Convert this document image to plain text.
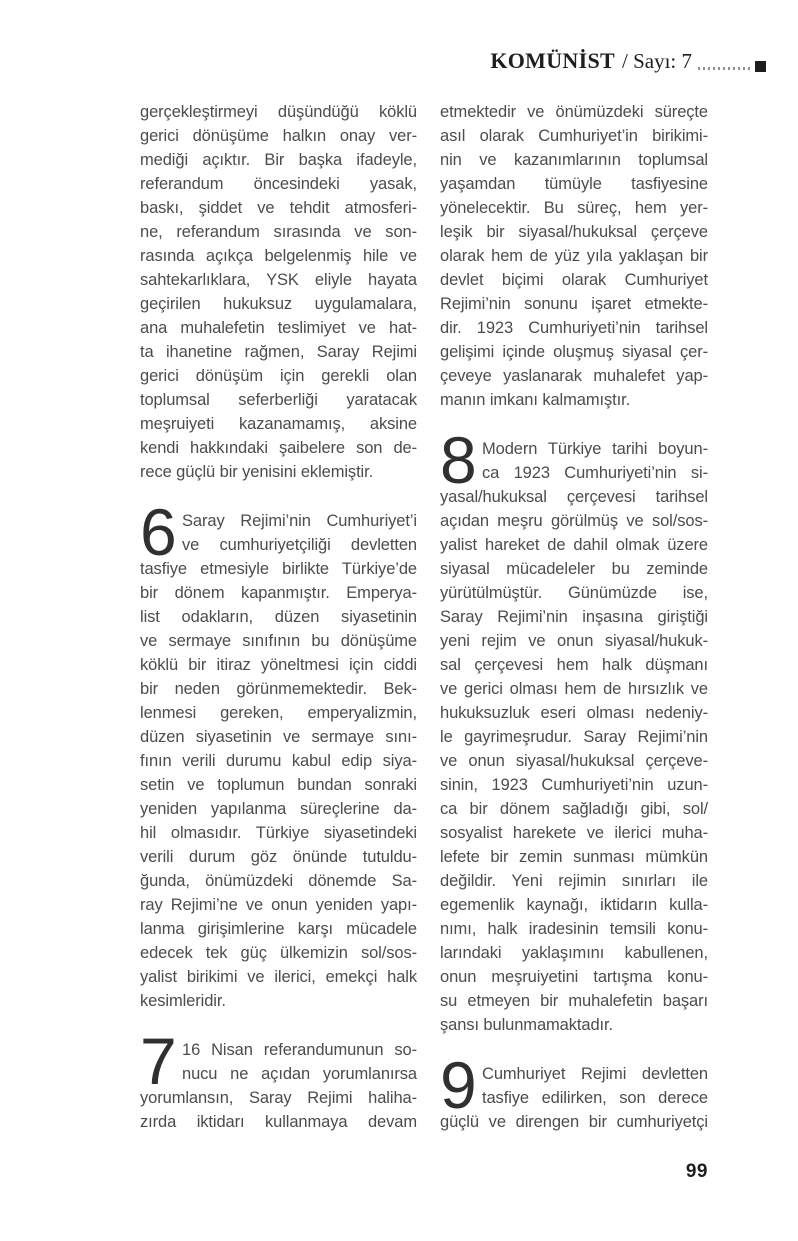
KOMÜNİST / Sayı: 7
gerçekleştirmeyi düşündüğü köklü
gerici dönüşüme halkın onay ver-
mediği açıktır. Bir başka ifadeyle,
referandum öncesindeki yasak,
baskı, şiddet ve tehdit atmosferi-
ne, referandum sırasında ve son-
rasında açıkça belgelenmiş hile ve
sahtekarlıklara, YSK eliyle hayata
geçirilen hukuksuz uygulamalara,
ana muhalefetin teslimiyet ve hat-
ta ihanetine rağmen, Saray Rejimi
gerici dönüşüm için gerekli olan
toplumsal seferberliği yaratacak
meşruiyeti kazanamamış, aksine
kendi hakkındaki şaibelere son de-
rece güçlü bir yenisini eklemiştir.
6 Saray Rejimi’nin Cumhuriyet’i
ve cumhuriyetçiliği devletten
tasfiye etmesiyle birlikte Türkiye’de
bir dönem kapanmıştır. Emperya-
list odakların, düzen siyasetinin
ve sermaye sınıfının bu dönüşüme
köklü bir itiraz yöneltmesi için ciddi
bir neden görünmemektedir. Bek-
lenmesi gereken, emperyalizmin,
düzen siyasetinin ve sermaye sını-
fının verili durumu kabul edip siya-
setin ve toplumun bundan sonraki
yeniden yapılanma süreçlerine da-
hil olmasıdır. Türkiye siyasetindeki
verili durum göz önünde tutuldu-
ğunda, önümüzdeki dönemde Sa-
ray Rejimi’ne ve onun yeniden yapı-
lanma girişimlerine karşı mücadele
edecek tek güç ülkemizin sol/sos-
yalist birikimi ve ilerici, emekçi halk
kesimleridir.
7 16 Nisan referandumunun so-
nucu ne açıdan yorumlanırsa
yorumlansın, Saray Rejimi haliha-
zırda iktidarı kullanmaya devam
etmektedir ve önümüzdeki süreçte
asıl olarak Cumhuriyet’in birikimi-
nin ve kazanımlarının toplumsal
yaşamdan tümüyle tasfiyesine
yönelecektir. Bu süreç, hem yer-
leşik bir siyasal/hukuksal çerçeve
olarak hem de yüz yıla yaklaşan bir
devlet biçimi olarak Cumhuriyet
Rejimi’nin sonunu işaret etmekte-
dir. 1923 Cumhuriyeti’nin tarihsel
gelişimi içinde oluşmuş siyasal çer-
çeveye yaslanarak muhalefet yap-
manın imkanı kalmamıştır.
8 Modern Türkiye tarihi boyun-
ca 1923 Cumhuriyeti’nin si-
yasal/hukuksal çerçevesi tarihsel
açıdan meşru görülmüş ve sol/sos-
yalist hareket de dahil olmak üzere
siyasal mücadeleler bu zeminde
yürütülmüştür. Günümüzde ise,
Saray Rejimi’nin inşasına giriştiği
yeni rejim ve onun siyasal/hukuk-
sal çerçevesi hem halk düşmanı
ve gerici olması hem de hırsızlık ve
hukuksuzluk eseri olması nedeniy-
le gayrimeşrudur. Saray Rejimi’nin
ve onun siyasal/hukuksal çerçeve-
sinin, 1923 Cumhuriyeti’nin uzun-
ca bir dönem sağladığı gibi, sol/
sosyalist harekete ve ilerici muha-
lefete bir zemin sunması mümkün
değildir. Yeni rejimin sınırları ile
egemenlik kaynağı, iktidarın kulla-
nımı, halk iradesinin temsili konu-
larındaki yaklaşımını kabullenen,
onun meşruiyetini tartışma konu-
su etmeyen bir muhalefetin başarı
şansı bulunmamaktadır.
9 Cumhuriyet Rejimi devletten
tasfiye edilirken, son derece
güçlü ve direngen bir cumhuriyetçi
99
